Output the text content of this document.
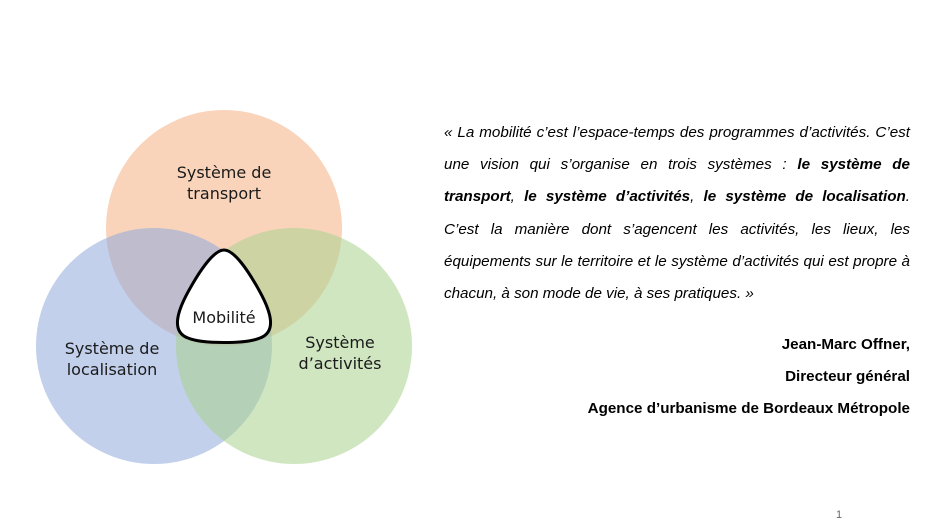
Système de
transport
Système de
localisation
Système
d’activités
Mobilité

« La mobilité c’est l’espace-temps des programmes d’activités. C’est une vision qui s’organise en trois systèmes : le système de transport, le système d’activités, le système de localisation. C’est la manière dont s’agencent les activités, les lieux, les équipements sur le territoire et le système d’activités qui est propre à chacun, à son mode de vie, à ses pratiques. »

Jean-Marc Offner,
Directeur général
Agence d’urbanisme de Bordeaux Métropole
1
